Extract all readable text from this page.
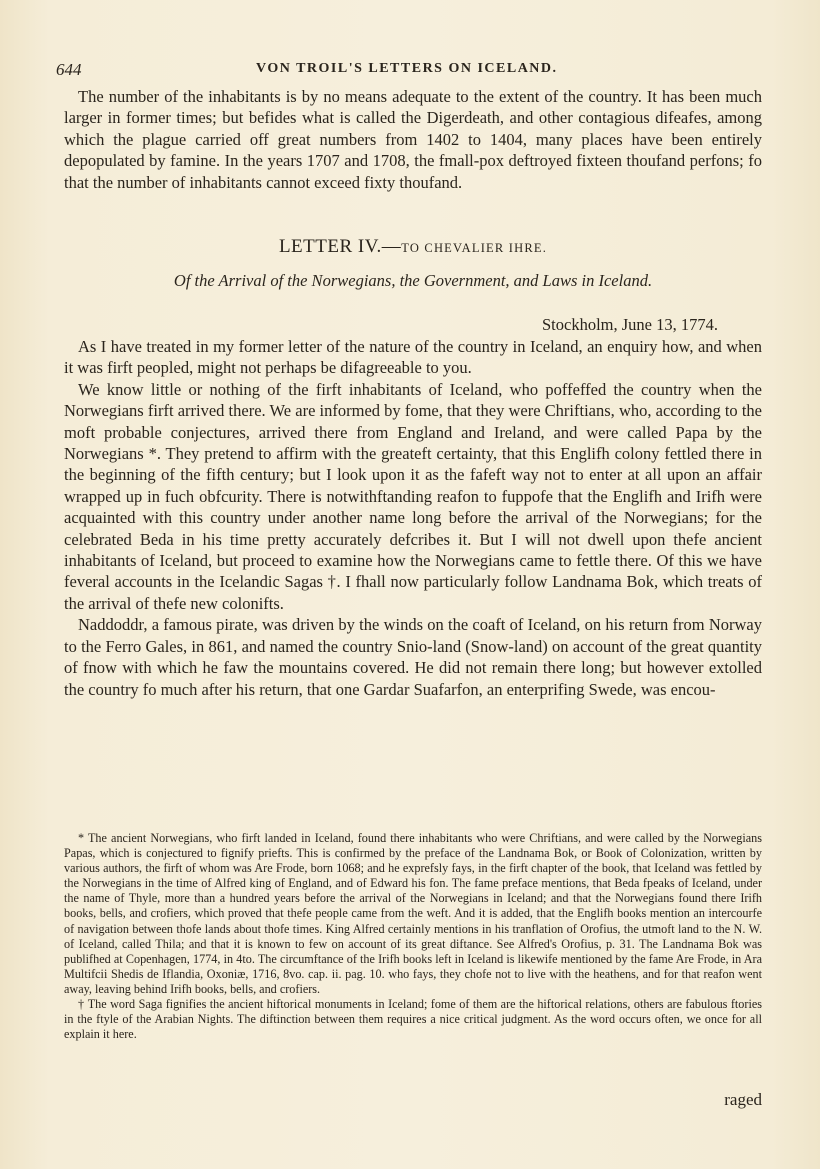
644	VON TROIL'S LETTERS ON ICELAND.

The number of the inhabitants is by no means adequate to the extent of the country. It has been much larger in former times; but befides what is called the Digerdeath, and other contagious difeafes, among which the plague carried off great numbers from 1402 to 1404, many places have been entirely depopulated by famine. In the years 1707 and 1708, the fmall-pox deftroyed fixteen thoufand perfons; fo that the number of inhabitants cannot exceed fixty thoufand.

LETTER IV.—TO CHEVALIER IHRE.
Of the Arrival of the Norwegians, the Government, and Laws in Iceland.
Stockholm, June 13, 1774.

As I have treated in my former letter of the nature of the country in Iceland, an enquiry how, and when it was firft peopled, might not perhaps be difagreeable to you.

We know little or nothing of the firft inhabitants of Iceland, who poffeffed the country when the Norwegians firft arrived there. We are informed by fome, that they were Chriftians, who, according to the moft probable conjectures, arrived there from England and Ireland, and were called Papa by the Norwegians *. They pretend to affirm with the greateft certainty, that this Englifh colony fettled there in the beginning of the fifth century; but I look upon it as the fafeft way not to enter at all upon an affair wrapped up in fuch obfcurity. There is notwithftanding reafon to fuppofe that the Englifh and Irifh were acquainted with this country under another name long before the arrival of the Norwegians; for the celebrated Beda in his time pretty accurately defcribes it. But I will not dwell upon thefe ancient inhabitants of Iceland, but proceed to examine how the Norwegians came to fettle there. Of this we have feveral accounts in the Icelandic Sagas †. I fhall now particularly follow Landnama Bok, which treats of the arrival of thefe new colonifts.

Naddoddr, a famous pirate, was driven by the winds on the coaft of Iceland, on his return from Norway to the Ferro Gales, in 861, and named the country Snio-land (Snow-land) on account of the great quantity of fnow with which he faw the mountains covered. He did not remain there long; but however extolled the country fo much after his return, that one Gardar Suafarfon, an enterprifing Swede, was encou-

* The ancient Norwegians, who firft landed in Iceland, found there inhabitants who were Chriftians, and were called by the Norwegians Papas, which is conjectured to fignify priefts. This is confirmed by the preface of the Landnama Bok, or Book of Colonization, written by various authors, the firft of whom was Are Frode, born 1068; and he exprefsly fays, in the firft chapter of the book, that Iceland was fettled by the Norwegians in the time of Alfred king of England, and of Edward his fon. The fame preface mentions, that Beda fpeaks of Iceland, under the name of Thyle, more than a hundred years before the arrival of the Norwegians in Iceland; and that the Norwegians found there Irifh books, bells, and crofiers, which proved that thefe people came from the weft. And it is added, that the Englifh books mention an intercourfe of navigation between thofe lands about thofe times. King Alfred certainly mentions in his tranflation of Orofius, the utmoft land to the N. W. of Iceland, called Thila; and that it is known to few on account of its great diftance. See Alfred's Orofius, p. 31. The Landnama Bok was publifhed at Copenhagen, 1774, in 4to. The circumftance of the Irifh books left in Iceland is likewife mentioned by the fame Are Frode, in Ara Multifcii Shedis de Iflandia, Oxoniæ, 1716, 8vo. cap. ii. pag. 10. who fays, they chofe not to live with the heathens, and for that reafon went away, leaving behind Irifh books, bells, and crofiers.

† The word Saga fignifies the ancient hiftorical monuments in Iceland; fome of them are the hiftorical relations, others are fabulous ftories in the ftyle of the Arabian Nights. The diftinction between them requires a nice critical judgment. As the word occurs often, we once for all explain it here.

raged
